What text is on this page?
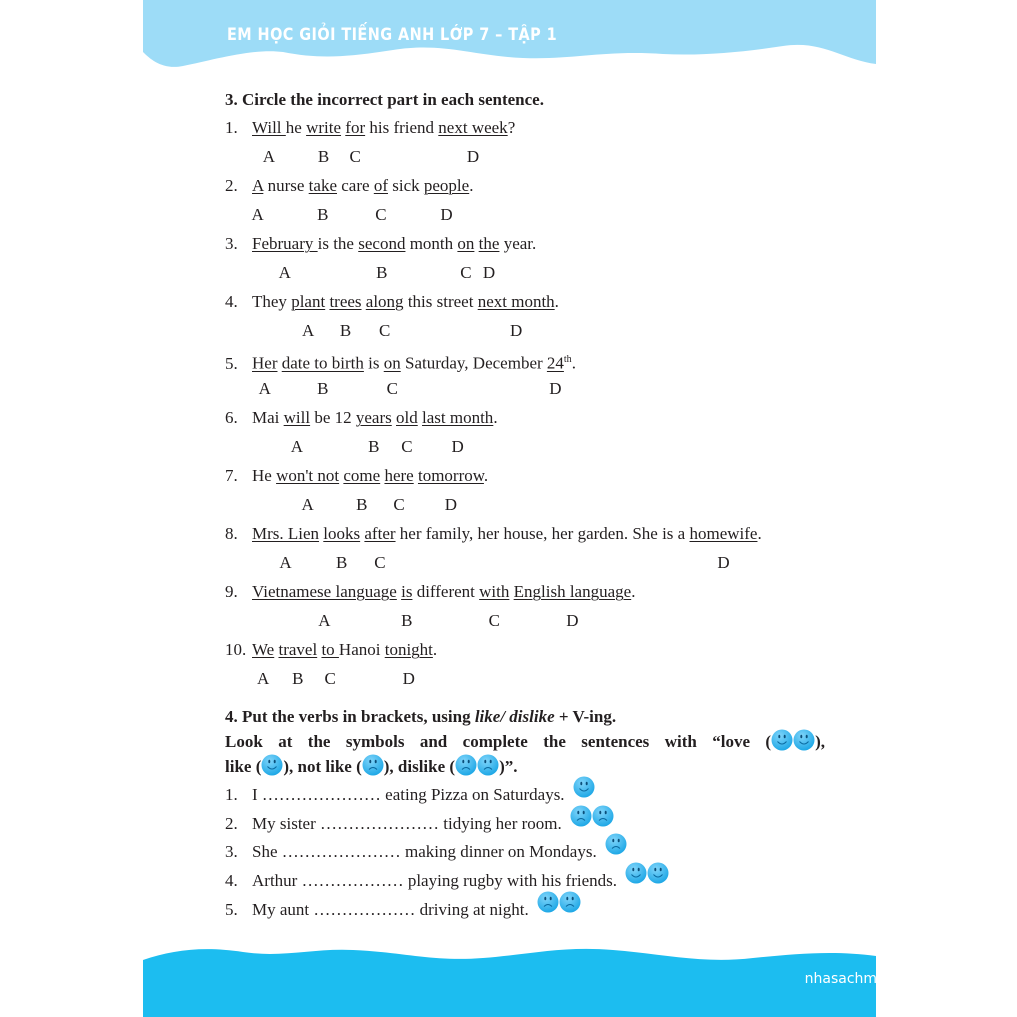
EM HỌC GIỎI TIẾNG ANH LỚP 7 – TẬP 1
12	nhasachminhthang.vn
3. Circle the incorrect part in each sentence.
1. Will he write for his friend next week?
A	B C	D
2. A nurse take care of sick people.
A	B	C	D
3. February is the second month on the year.
A	B	C D
4. They plant trees along this street next month.
A B C	D
5. Her date to birth is on Saturday, December 24th.
A	B	C	D
6. Mai will be 12 years old last month.
A	B C D
7. He won't not come here tomorrow.
A B C D
8. Mrs. Lien looks after her family, her house, her garden. She is a homewife.
A	B C	D
9. Vietnamese language is different with English language.
A	B	C	D
10. We travel to Hanoi tonight.
A B C	D
4. Put the verbs in brackets, using like/ dislike + V-ing.
Look at the symbols and complete the sentences with “love (	),
like ( ), not like ( ), dislike (	)”.
1. I ………………… eating Pizza on Saturdays.
2. My sister ………………… tidying her room.
3. She ………………… making dinner on Mondays.
4. Arthur ……………… playing rugby with his friends.
5. My aunt ……………… driving at night.
